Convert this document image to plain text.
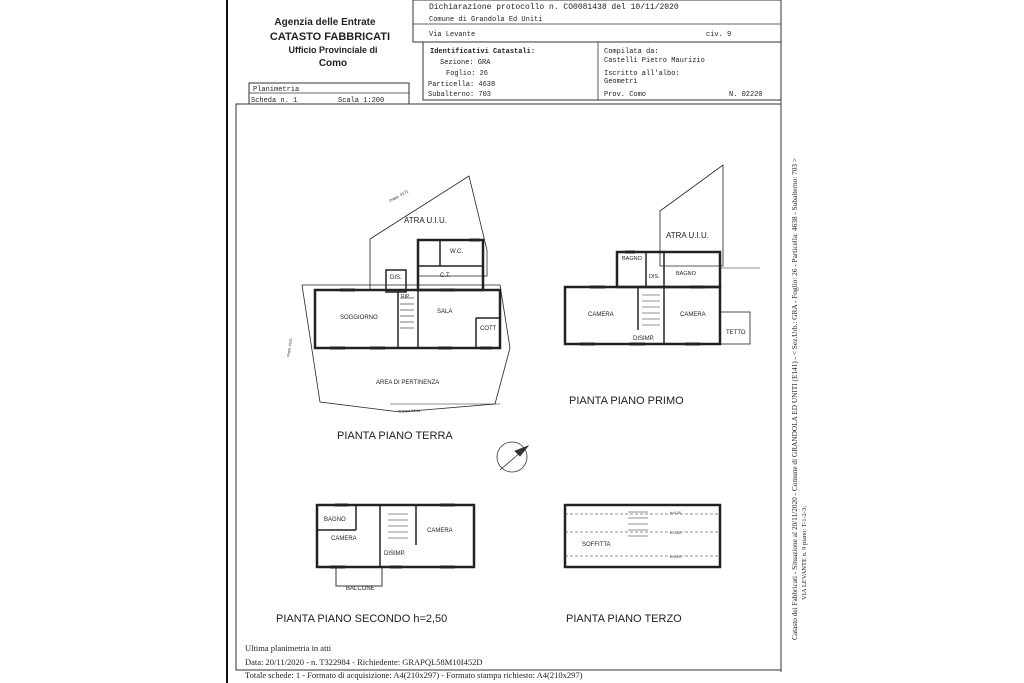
Agenzia delle Entrate
CATASTO FABBRICATI
Ufficio Provinciale di
Como
Dichiarazione protocollo n. CO0081438 del 10/11/2020
Comune di Grandola Ed Uniti
Via Levante	civ. 9
Identificativi Catastali:
Sezione: GRA
Foglio: 26
Particella: 4638
Subalterno: 703
Compilata da:
Castelli Pietro Maurizio
Iscritto all'albo:
Geometri
Prov. Como	N. 02220
Planimetria
Scheda n. 1	Scala 1:200
mapp. 4171
mapp. 4570
mappa 5644
ATRA U.I.U.
W.C.
DIS.	C.T.
RIP.
SOGGIORNO
SALA
COTT
AREA DI PERTINENZA
PIANTA PIANO TERRA
ATRA U.I.U.
BAGNO
DIS.	BAGNO
CAMERA	CAMERA
DISIMP.
TETTO
PIANTA PIANO PRIMO
BAGNO
CAMERA
CAMERA
DISIMP.
BALCONE
PIANTA PIANO SECONDO h=2,50
h=0,00
h=1,50
h=0,00
SOFFITTA
PIANTA PIANO TERZO
Ultima planimetria in atti
Data: 20/11/2020 - n. T322984 - Richiedente: GRAPQL58M10I452D
Totale schede: 1 - Formato di acquisizione: A4(210x297) - Formato stampa richiesto: A4(210x297)
Catasto dei Fabbricati - Situazione al 20/11/2020 - Comune di GRANDOLA ED UNITI (E141) - < Sez.Urb.: GRA - Foglio: 26 - Particella: 4638 - Subalterno: 703 > VIA LEVANTE n. 9 piano: T-1-2-3;
